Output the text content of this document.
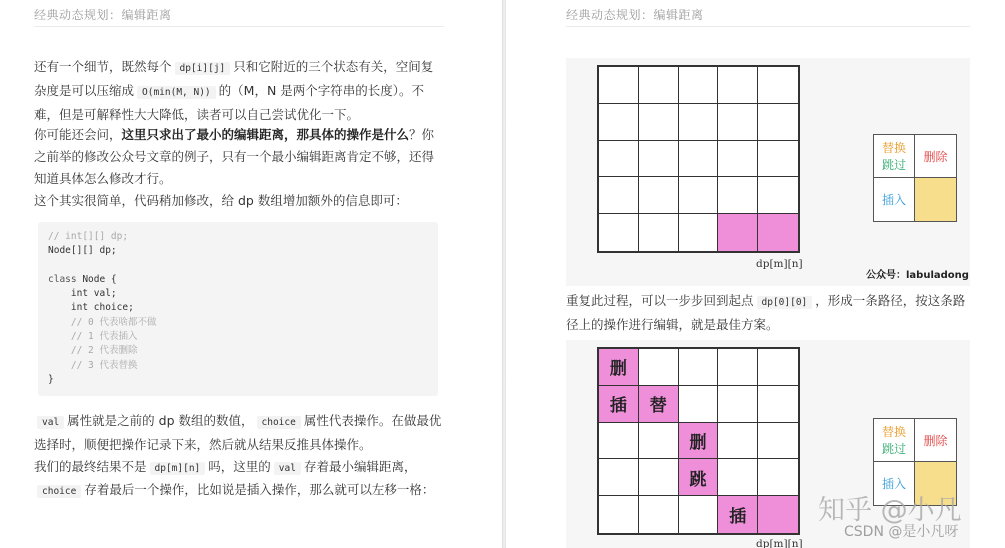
经典动态规划：编辑距离
还有一个细节，既然每个 dp[i][j] 只和它附近的三个状态有关，空间复杂度是可以压缩成 O(min(M, N)) 的（M，N 是两个字符串的长度）。不难，但是可解释性大大降低，读者可以自己尝试优化一下。
你可能还会问，这里只求出了最小的编辑距离，那具体的操作是什么？你之前举的修改公众号文章的例子，只有一个最小编辑距离肯定不够，还得知道具体怎么修改才行。
这个其实很简单，代码稍加修改，给 dp 数组增加额外的信息即可：
// int[][] dp;
Node[][] dp;

class Node {
int val;
int choice;
// 0 代表啥都不做
// 1 代表插入
// 2 代表删除
// 3 代表替换
}
val 属性就是之前的 dp 数组的数值， choice 属性代表操作。在做最优选择时，顺便把操作记录下来，然后就从结果反推具体操作。
我们的最终结果不是 dp[m][n] 吗，这里的 val 存着最小编辑距离，choice 存着最后一个操作，比如说是插入操作，那么就可以左移一格：
经典动态规划：编辑距离
dp[m][n]
替换
跳过
删除
插入
公众号：labuladong
重复此过程，可以一步步回到起点 dp[0][0] ，形成一条路径，按这条路径上的操作进行编辑，就是最佳方案。
删
插	替
删
跳
插
dp[m][n]
替换
跳过
删除
插入
知乎 @小凡
CSDN @是小凡呀
